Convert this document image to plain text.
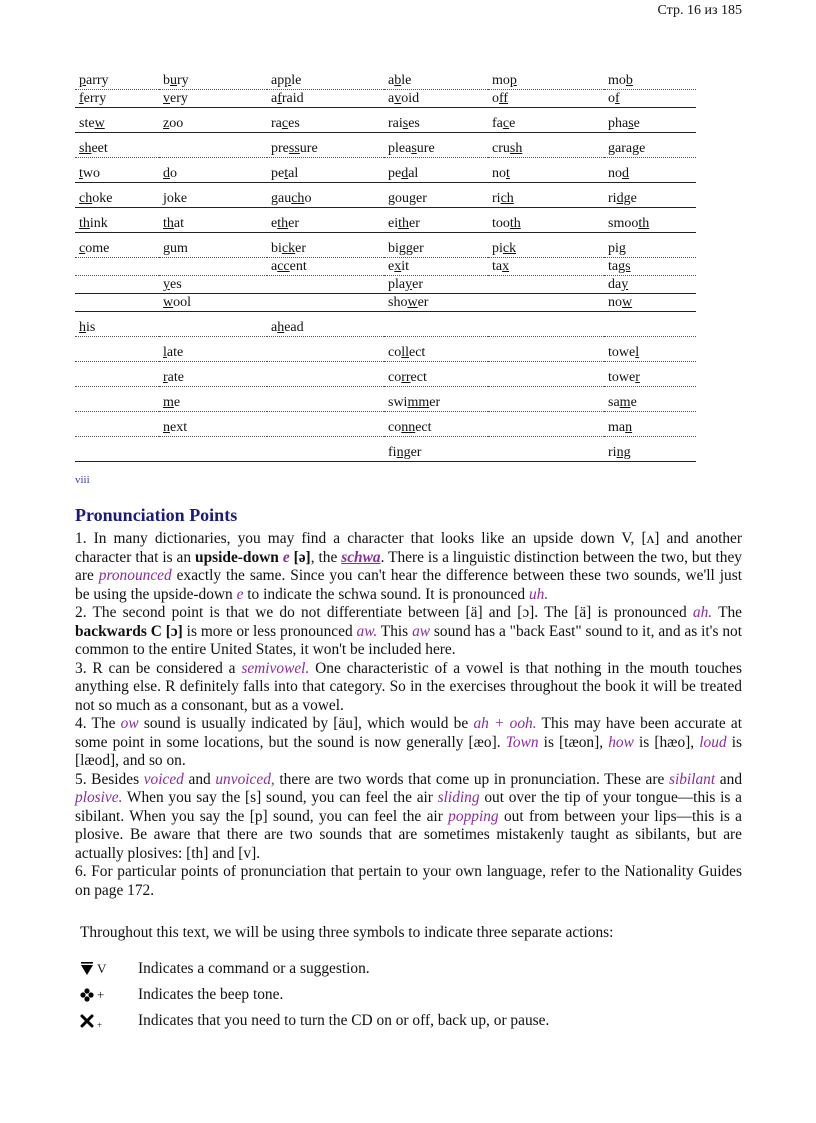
Стр. 16 из 185
parry	bury	apple	able	mop	mob
ferry	very	afraid	avoid	off	of
stew	zoo	races	raises	face	phase
sheet		pressure	pleasure	crush	garage
two	do	petal	pedal	not	nod
choke	joke	gaucho	gouger	rich	ridge
think	that	ether	either	tooth	smooth
come	gum	bicker	bigger	pick	pig
		accent	exit	tax	tags
	yes		player		day
	wool		shower		now
his		ahead			
	late		collect		towel
	rate		correct		tower
	me		swimmer		same
	next		connect		man
			finger		ring
viii
Pronunciation Points

1. In many dictionaries, you may find a character that looks like an upside down V, [ʌ] and another character that is an upside-down e [ə], the schwa. There is a linguistic distinction between the two, but they are pronounced exactly the same. Since you can't hear the difference between these two sounds, we'll just be using the upside-down e to indicate the schwa sound. It is pronounced uh.

2. The second point is that we do not differentiate between [ä] and [ɔ]. The [ä] is pronounced ah. The backwards C [ɔ] is more or less pronounced aw. This aw sound has a "back East" sound to it, and as it's not common to the entire United States, it won't be included here.

3. R can be considered a semivowel. One characteristic of a vowel is that nothing in the mouth touches anything else. R definitely falls into that category. So in the exercises throughout the book it will be treated not so much as a consonant, but as a vowel.

4. The ow sound is usually indicated by [äu], which would be ah + ooh. This may have been accurate at some point in some locations, but the sound is now generally [æo]. Town is [tæon], how is [hæo], loud is [læod], and so on.

5. Besides voiced and unvoiced, there are two words that come up in pronunciation. These are sibilant and plosive. When you say the [s] sound, you can feel the air sliding out over the tip of your tongue—this is a sibilant. When you say the [p] sound, you can feel the air popping out from between your lips—this is a plosive. Be aware that there are two sounds that are sometimes mistakenly taught as sibilants, but are actually plosives: [th] and [v].

6. For particular points of pronunciation that pertain to your own language, refer to the Nationality Guides on page 172.

Throughout this text, we will be using three symbols to indicate three separate actions:
V Indicates a command or a suggestion.
+ Indicates the beep tone.
+ Indicates that you need to turn the CD on or off, back up, or pause.
